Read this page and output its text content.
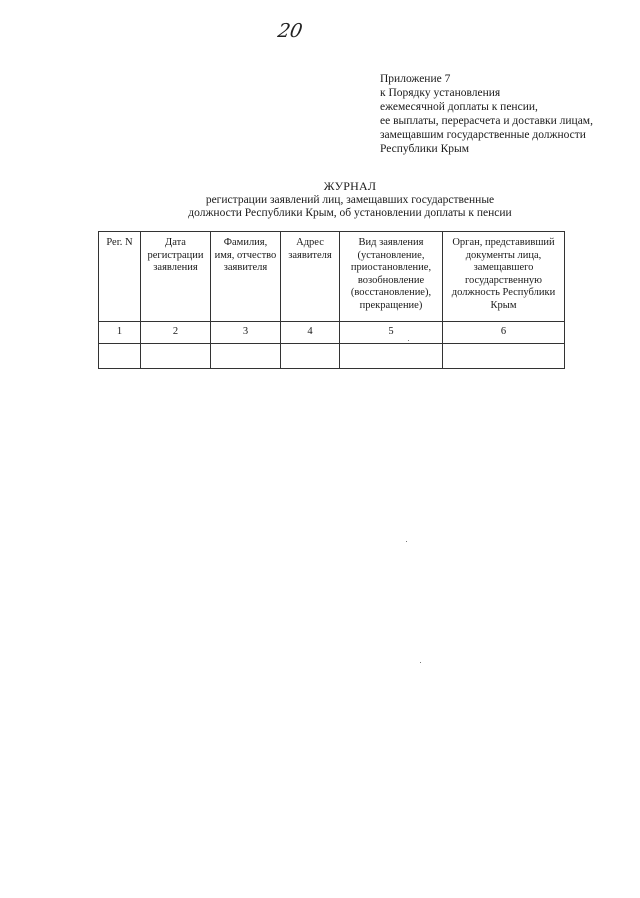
20
Приложение 7
к Порядку установления
ежемесячной доплаты к пенсии,
ее выплаты, перерасчета и доставки лицам,
замещавшим государственные должности
Республики Крым
ЖУРНАЛ
регистрации заявлений лиц, замещавших государственные
должности Республики Крым, об установлении доплаты к пенсии
Рег. N	Дата регистрации заявления	Фамилия, имя, отчество заявителя	Адрес заявителя	Вид заявления (установление, приостановление, возобновление (восстановление), прекращение)	Орган, представивший документы лица, замещавшего государственную должность Республики Крым
1	2	3	4	5	6
